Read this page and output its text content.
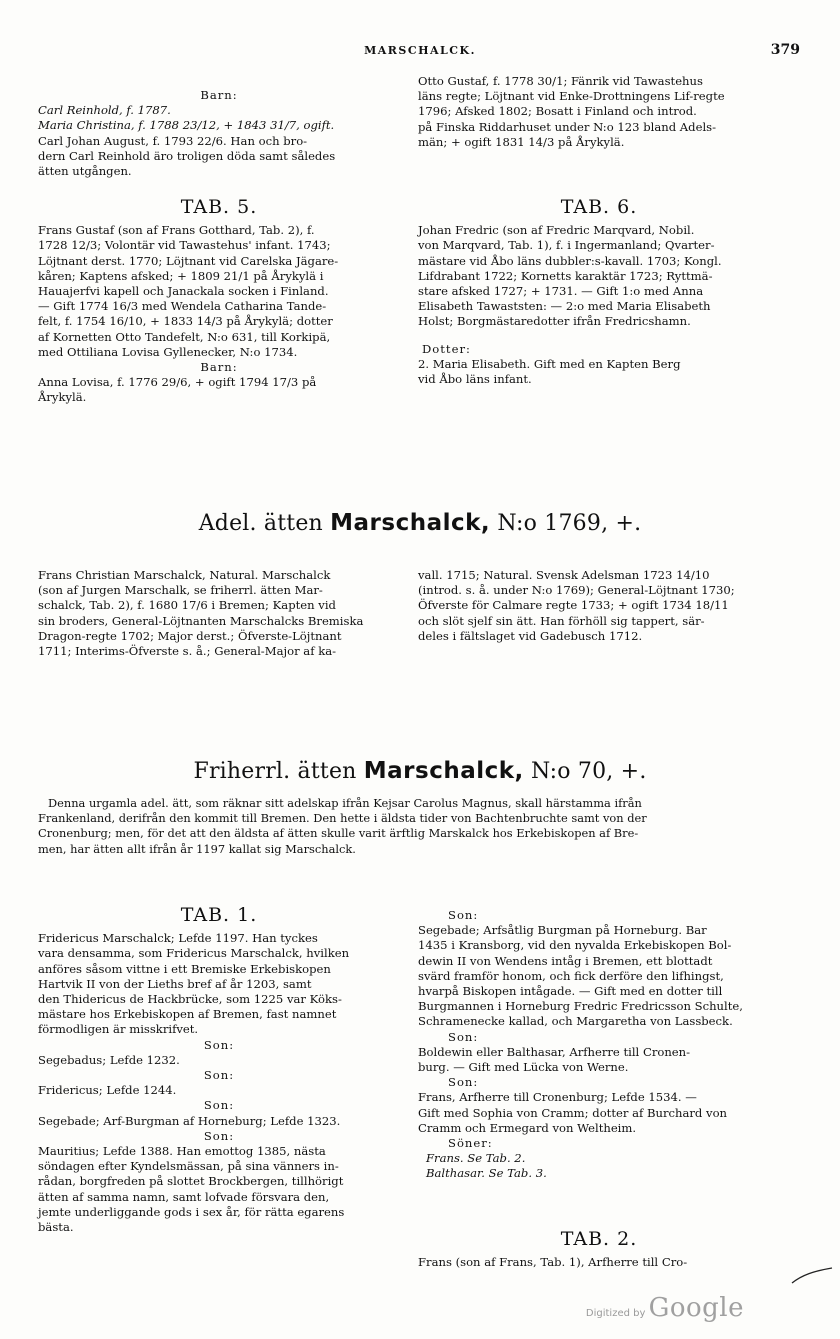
MARSCHALCK.	379

Barn:

Carl Reinhold, f. 1787.
Maria Christina, f. 1788 23/12, + 1843 31/7, ogift.
Carl Johan August, f. 1793 22/6. Han och bro-
dern Carl Reinhold äro troligen döda samt således
ätten utgången.
Otto Gustaf, f. 1778 30/1; Fänrik vid Tawastehus
läns regte; Löjtnant vid Enke-Drottningens Lif-regte
1796; Afsked 1802; Bosatt i Finland och introd.
på Finska Riddarhuset under N:o 123 bland Adels-
män; + ogift 1831 14/3 på Årykylä.
TAB. 5.
Frans Gustaf (son af Frans Gotthard, Tab. 2), f.
1728 12/3; Volontär vid Tawastehus' infant. 1743;
Löjtnant derst. 1770; Löjtnant vid Carelska Jägare-
kåren; Kaptens afsked; + 1809 21/1 på Årykylä i
Hauajerfvi kapell och Janackala socken i Finland.
— Gift 1774 16/3 med Wendela Catharina Tande-
felt, f. 1754 16/10, + 1833 14/3 på Årykylä; dotter
af Kornetten Otto Tandefelt, N:o 631, till Korkipä,
med Ottiliana Lovisa Gyllenecker, N:o 1734.

Barn:

Anna Lovisa, f. 1776 29/6, + ogift 1794 17/3 på
Årykylä.
TAB. 6.
Johan Fredric (son af Fredric Marqvard, Nobil.
von Marqvard, Tab. 1), f. i Ingermanland; Qvarter-
mästare vid Åbo läns dubbler:s-kavall. 1703; Kongl.
Lifdrabant 1722; Kornetts karaktär 1723; Ryttmä-
stare afsked 1727; + 1731. — Gift 1:o med Anna
Elisabeth Tawaststen: — 2:o med Maria Elisabeth
Holst; Borgmästaredotter ifrån Fredricshamn.

Dotter:

2. Maria Elisabeth. Gift med en Kapten Berg
vid Åbo läns infant.
Adel. ätten Marschalck, N:o 1769, +.
Frans Christian Marschalck, Natural. Marschalck
(son af Jurgen Marschalk, se friherrl. ätten Mar-
schalck, Tab. 2), f. 1680 17/6 i Bremen; Kapten vid
sin broders, General-Löjtnanten Marschalcks Bremiska
Dragon-regte 1702; Major derst.; Öfverste-Löjtnant
1711; Interims-Öfverste s. å.; General-Major af ka-
vall. 1715; Natural. Svensk Adelsman 1723 14/10
(introd. s. å. under N:o 1769); General-Löjtnant 1730;
Öfverste för Calmare regte 1733; + ogift 1734 18/11
och slöt sjelf sin ätt. Han förhöll sig tappert, sär-
deles i fältslaget vid Gadebusch 1712.
Friherrl. ätten Marschalck, N:o 70, +.
Denna urgamla adel. ätt, som räknar sitt adelskap ifrån Kejsar Carolus Magnus, skall härstamma ifrån
Frankenland, derifrån den kommit till Bremen. Den hette i äldsta tider von Bachtenbruchte samt von der
Cronenburg; men, för det att den äldsta af ätten skulle varit ärftlig Marskalck hos Erkebiskopen af Bre-
men, har ätten allt ifrån år 1197 kallat sig Marschalck.
TAB. 1.
Fridericus Marschalck; Lefde 1197. Han tyckes
vara densamma, som Fridericus Marschalck, hvilken
anföres såsom vittne i ett Bremiske Erkebiskopen
Hartvik II von der Lieths bref af år 1203, samt
den Thidericus de Hackbrücke, som 1225 var Köks-
mästare hos Erkebiskopen af Bremen, fast namnet
förmodligen är misskrifvet.

Son:

Segebadus; Lefde 1232.

Son:

Fridericus; Lefde 1244.

Son:

Segebade; Arf-Burgman af Horneburg; Lefde 1323.

Son:

Mauritius; Lefde 1388. Han emottog 1385, nästa
söndagen efter Kyndelsmässan, på sina vänners in-
rådan, borgfreden på slottet Brockbergen, tillhörigt
ätten af samma namn, samt lofvade försvara den,
jemte underliggande gods i sex år, för rätta egarens
bästa.

Son:

Segebade; Arfsåtlig Burgman på Horneburg. Bar
1435 i Kransborg, vid den nyvalda Erkebiskopen Bol-
dewin II von Wendens intåg i Bremen, ett blottadt
svärd framför honom, och fick derföre den lifhingst,
hvarpå Biskopen intågade. — Gift med en dotter till
Burgmannen i Horneburg Fredric Fredricsson Schulte,
Schramenecke kallad, och Margaretha von Lassbeck.

Son:

Boldewin eller Balthasar, Arfherre till Cronen-
burg. — Gift med Lücka von Werne.

Son:

Frans, Arfherre till Cronenburg; Lefde 1534. —
Gift med Sophia von Cramm; dotter af Burchard von
Cramm och Ermegard von Weltheim.

Söner:

Frans. Se Tab. 2.
Balthasar. Se Tab. 3.
TAB. 2.
Frans (son af Frans, Tab. 1), Arfherre till Cro-
Digitized by Google
